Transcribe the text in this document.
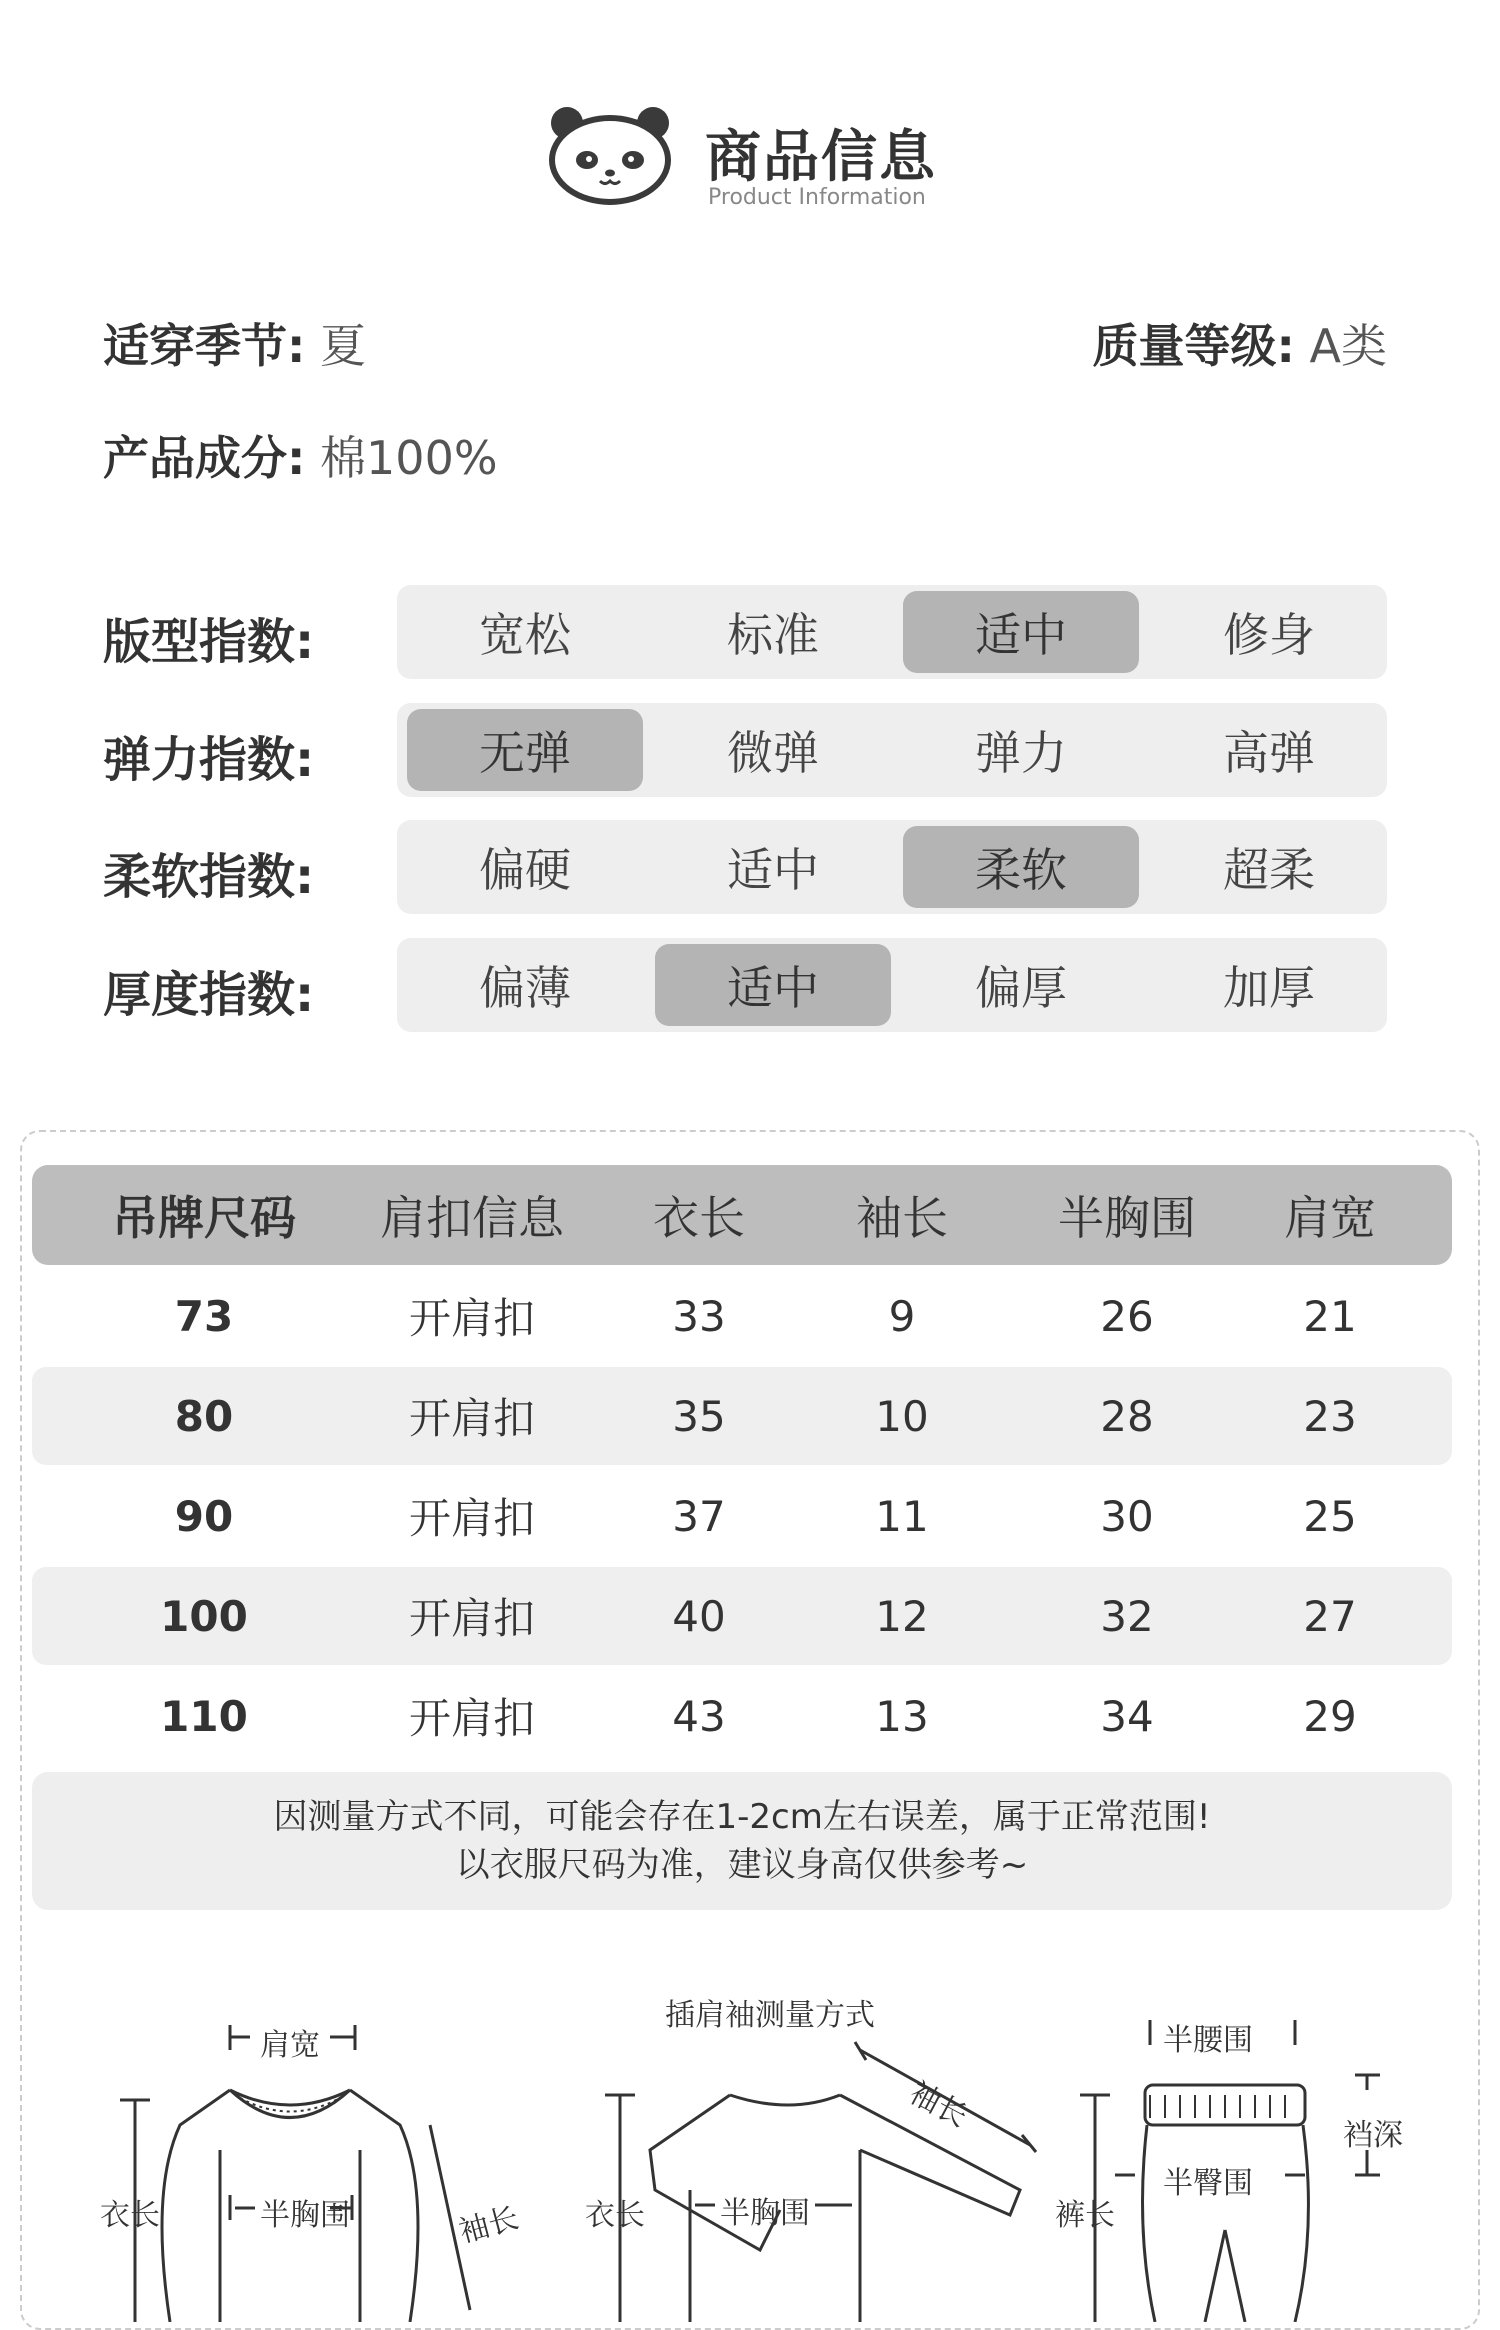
商品信息
Product Information
适穿季节: 夏	质量等级: A类
产品成分: 棉100%
版型指数:	宽松	标准	适中	修身
弹力指数:	无弹	微弹	弹力	高弹
柔软指数:	偏硬	适中	柔软	超柔
厚度指数:	偏薄	适中	偏厚	加厚
吊牌尺码	肩扣信息	衣长	袖长	半胸围	肩宽
73	开肩扣	33	9	26	21
80	开肩扣	35	10	28	23
90	开肩扣	37	11	30	25
100	开肩扣	40	12	32	27
110	开肩扣	43	13	34	29
因测量方式不同，可能会存在1-2cm左右误差，属于正常范围!
以衣服尺码为准，建议身高仅供参考~
肩宽
衣长	半胸围	袖长
插肩袖测量方式
衣长	半胸围
袖长
半腰围
裤长
半臀围
裆深
